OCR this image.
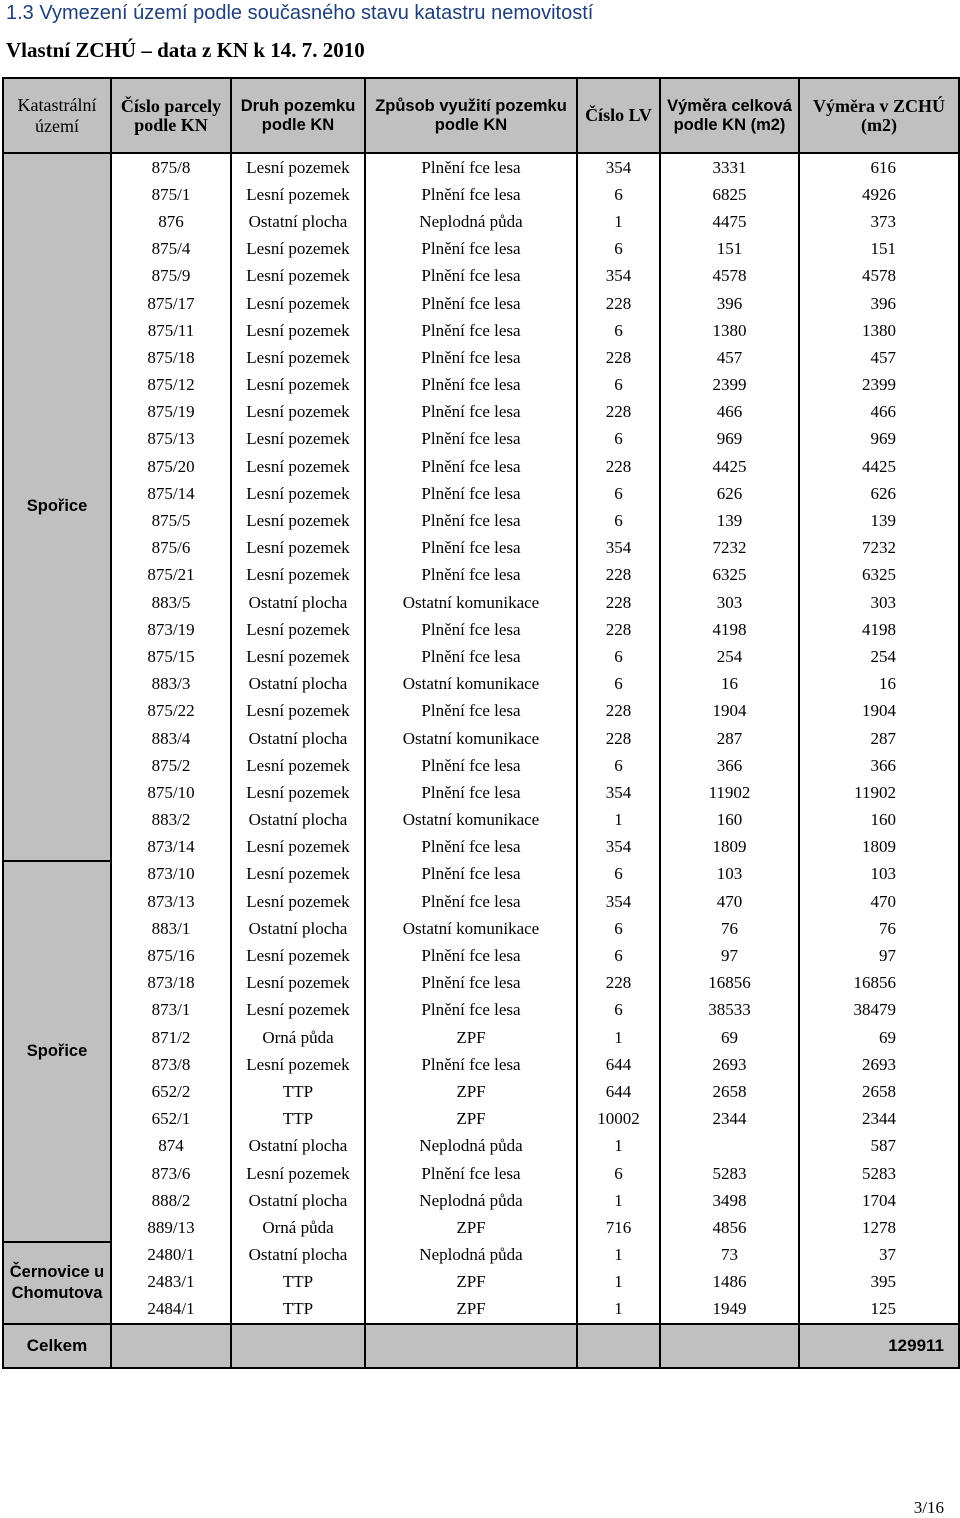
1.3 Vymezení území podle současného stavu katastru nemovitostí
Vlastní ZCHÚ – data z KN k 14. 7. 2010
Katastrální území	Číslo parcely podle KN	Druh pozemku podle KN	Způsob využití pozemku podle KN	Číslo LV	Výměra celková podle KN (m2)	Výměra v ZCHÚ (m2)

Spořice	875/8	Lesní pozemek	Plnění fce lesa	354	3331	616
	875/1	Lesní pozemek	Plnění fce lesa	6	6825	4926
	876	Ostatní plocha	Neplodná půda	1	4475	373
	875/4	Lesní pozemek	Plnění fce lesa	6	151	151
	875/9	Lesní pozemek	Plnění fce lesa	354	4578	4578
	875/17	Lesní pozemek	Plnění fce lesa	228	396	396
	875/11	Lesní pozemek	Plnění fce lesa	6	1380	1380
	875/18	Lesní pozemek	Plnění fce lesa	228	457	457
	875/12	Lesní pozemek	Plnění fce lesa	6	2399	2399
	875/19	Lesní pozemek	Plnění fce lesa	228	466	466
	875/13	Lesní pozemek	Plnění fce lesa	6	969	969
	875/20	Lesní pozemek	Plnění fce lesa	228	4425	4425
	875/14	Lesní pozemek	Plnění fce lesa	6	626	626
	875/5	Lesní pozemek	Plnění fce lesa	6	139	139
	875/6	Lesní pozemek	Plnění fce lesa	354	7232	7232
	875/21	Lesní pozemek	Plnění fce lesa	228	6325	6325
	883/5	Ostatní plocha	Ostatní komunikace	228	303	303
	873/19	Lesní pozemek	Plnění fce lesa	228	4198	4198
	875/15	Lesní pozemek	Plnění fce lesa	6	254	254
	883/3	Ostatní plocha	Ostatní komunikace	6	16	16
	875/22	Lesní pozemek	Plnění fce lesa	228	1904	1904
	883/4	Ostatní plocha	Ostatní komunikace	228	287	287
	875/2	Lesní pozemek	Plnění fce lesa	6	366	366
	875/10	Lesní pozemek	Plnění fce lesa	354	11902	11902
	883/2	Ostatní plocha	Ostatní komunikace	1	160	160
	873/14	Lesní pozemek	Plnění fce lesa	354	1809	1809

Spořice	873/10	Lesní pozemek	Plnění fce lesa	6	103	103
	873/13	Lesní pozemek	Plnění fce lesa	354	470	470
	883/1	Ostatní plocha	Ostatní komunikace	6	76	76
	875/16	Lesní pozemek	Plnění fce lesa	6	97	97
	873/18	Lesní pozemek	Plnění fce lesa	228	16856	16856
	873/1	Lesní pozemek	Plnění fce lesa	6	38533	38479
	871/2	Orná půda	ZPF	1	69	69
	873/8	Lesní pozemek	Plnění fce lesa	644	2693	2693
	652/2	TTP	ZPF	644	2658	2658
	652/1	TTP	ZPF	10002	2344	2344
	874	Ostatní plocha	Neplodná půda	1		587
	873/6	Lesní pozemek	Plnění fce lesa	6	5283	5283
	888/2	Ostatní plocha	Neplodná půda	1	3498	1704
	889/13	Orná půda	ZPF	716	4856	1278

Černovice u Chomutova	2480/1	Ostatní plocha	Neplodná půda	1	73	37
	2483/1	TTP	ZPF	1	1486	395
	2484/1	TTP	ZPF	1	1949	125
Celkem						129911
3/16
